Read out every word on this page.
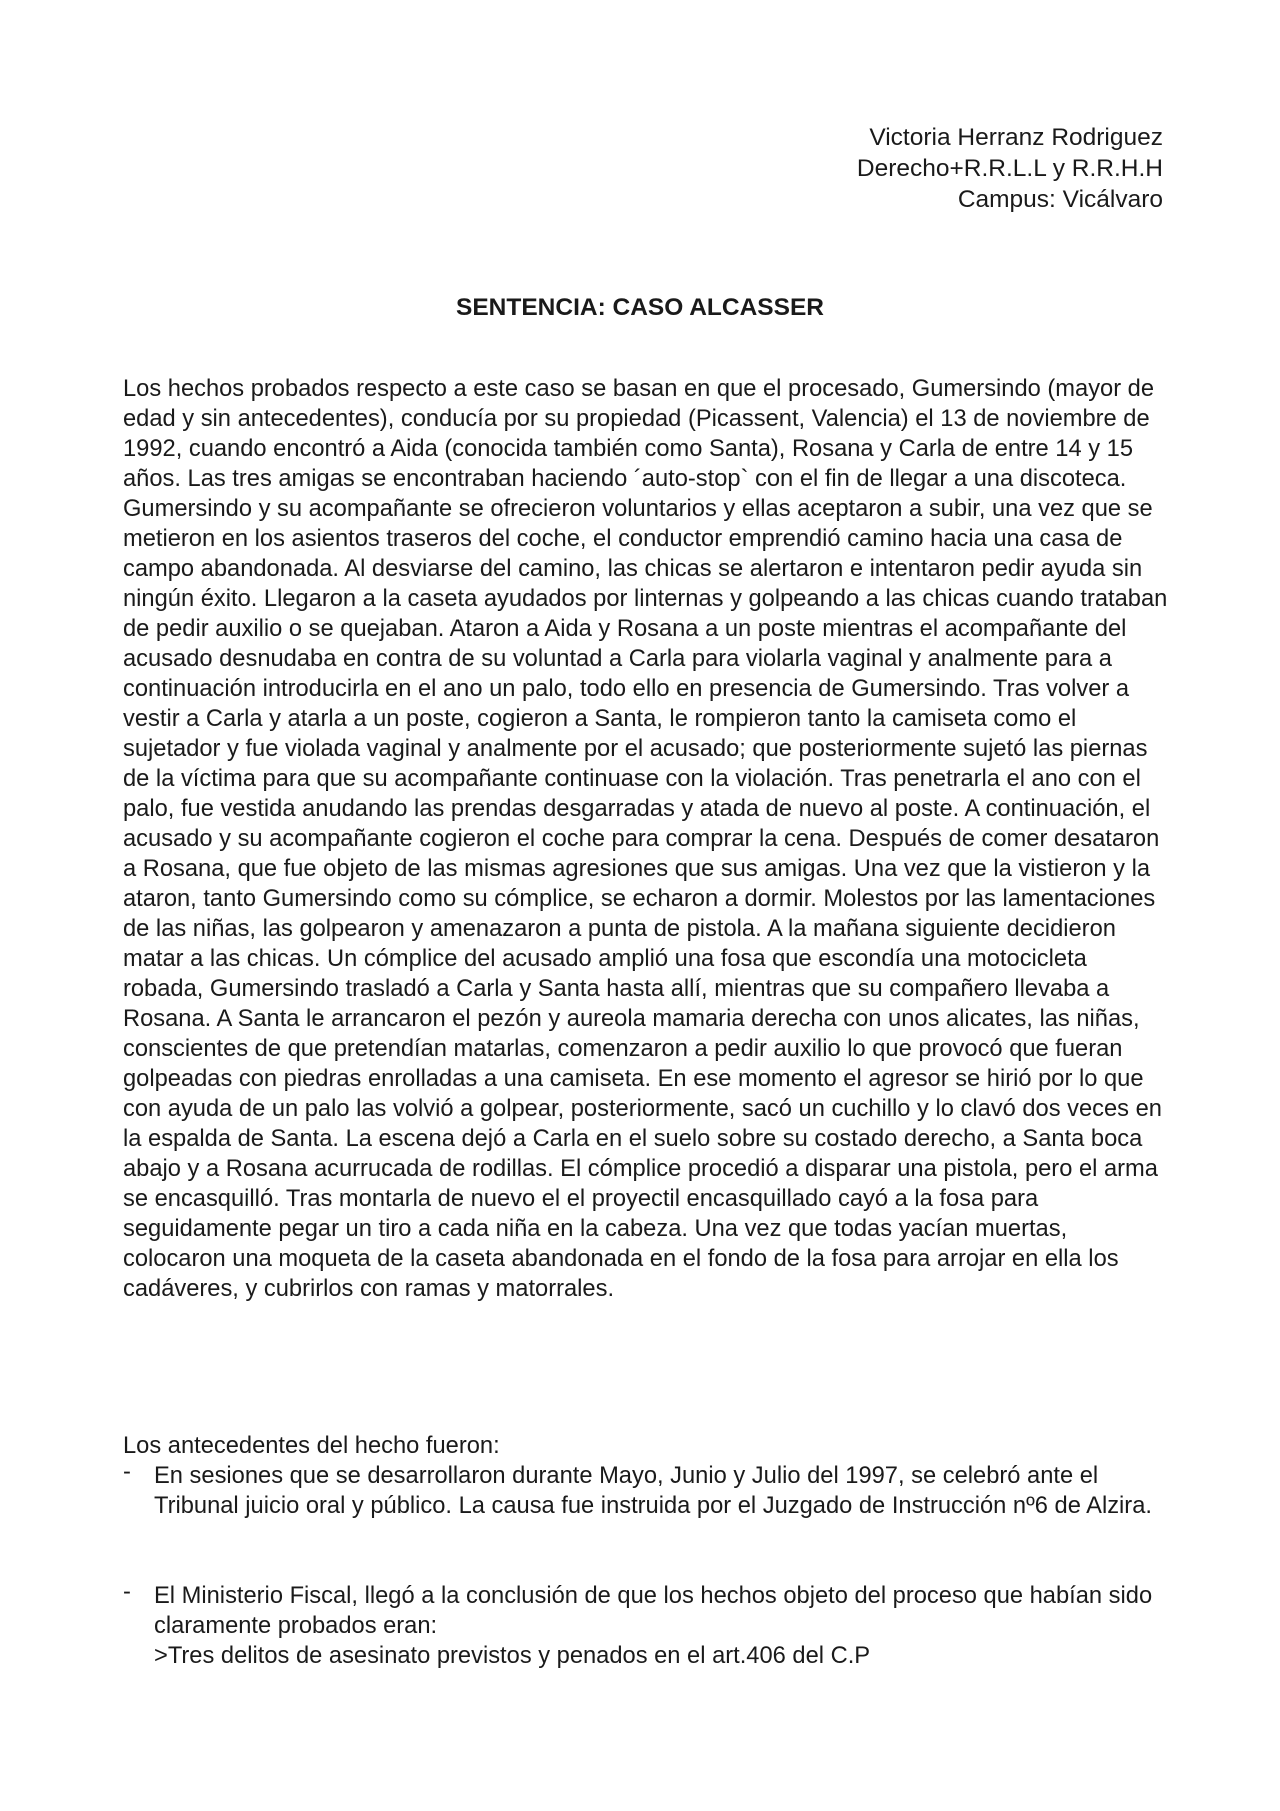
Victoria Herranz Rodriguez
Derecho+R.R.L.L y R.R.H.H
Campus: Vicálvaro
SENTENCIA: CASO ALCASSER

Los hechos probados respecto a este caso se basan en que el procesado, Gumersindo (mayor de edad y sin antecedentes), conducía por su propiedad (Picassent, Valencia) el 13 de noviembre de 1992, cuando encontró a Aida (conocida también como Santa), Rosana y Carla de entre 14 y 15 años. Las tres amigas se encontraban haciendo ´auto-stop` con el fin de llegar a una discoteca. Gumersindo y su acompañante se ofrecieron voluntarios y ellas aceptaron a subir, una vez que se metieron en los asientos traseros del coche, el conductor emprendió camino hacia una casa de campo abandonada. Al desviarse del camino, las chicas se alertaron e intentaron pedir ayuda sin ningún éxito. Llegaron a la caseta ayudados por linternas y golpeando a las chicas cuando trataban de pedir auxilio o se quejaban. Ataron a Aida y Rosana a un poste mientras el acompañante del acusado desnudaba en contra de su voluntad a Carla para violarla vaginal y analmente para a continuación introducirla en el ano un palo, todo ello en presencia de Gumersindo. Tras volver a vestir a Carla y atarla a un poste, cogieron a Santa, le rompieron tanto la camiseta como el sujetador y fue violada vaginal y analmente por el acusado; que posteriormente sujetó las piernas de la víctima para que su acompañante continuase con la violación. Tras penetrarla el ano con el palo, fue vestida anudando las prendas desgarradas y atada de nuevo al poste. A continuación, el acusado y su acompañante cogieron el coche para comprar la cena. Después de comer desataron a Rosana, que fue objeto de las mismas agresiones que sus amigas. Una vez que la vistieron y la ataron, tanto Gumersindo como su cómplice, se echaron a dormir. Molestos por las lamentaciones de las niñas, las golpearon y amenazaron a punta de pistola. A la mañana siguiente decidieron matar a las chicas. Un cómplice del acusado amplió una fosa que escondía una motocicleta robada, Gumersindo trasladó a Carla y Santa hasta allí, mientras que su compañero llevaba a Rosana. A Santa le arrancaron el pezón y aureola mamaria derecha con unos alicates, las niñas, conscientes de que pretendían matarlas, comenzaron a pedir auxilio lo que provocó que fueran golpeadas con piedras enrolladas a una camiseta. En ese momento el agresor se hirió por lo que con ayuda de un palo las volvió a golpear, posteriormente, sacó un cuchillo y lo clavó dos veces en la espalda de Santa. La escena dejó a Carla en el suelo sobre su costado derecho, a Santa boca abajo y a Rosana acurrucada de rodillas. El cómplice procedió a disparar una pistola, pero el arma se encasquilló. Tras montarla de nuevo el el proyectil encasquillado cayó a la fosa para seguidamente pegar un tiro a cada niña en la cabeza. Una vez que todas yacían muertas, colocaron una moqueta de la caseta abandonada en el fondo de la fosa para arrojar en ella los cadáveres, y cubrirlos con ramas y matorrales.

Los antecedentes del hecho fueron:
- En sesiones que se desarrollaron durante Mayo, Junio y Julio del 1997, se celebró ante el Tribunal juicio oral y público. La causa fue instruida por el Juzgado de Instrucción nº6 de Alzira.
- El Ministerio Fiscal, llegó a la conclusión de que los hechos objeto del proceso que habían sido claramente probados eran:
>Tres delitos de asesinato previstos y penados en el art.406 del C.P
